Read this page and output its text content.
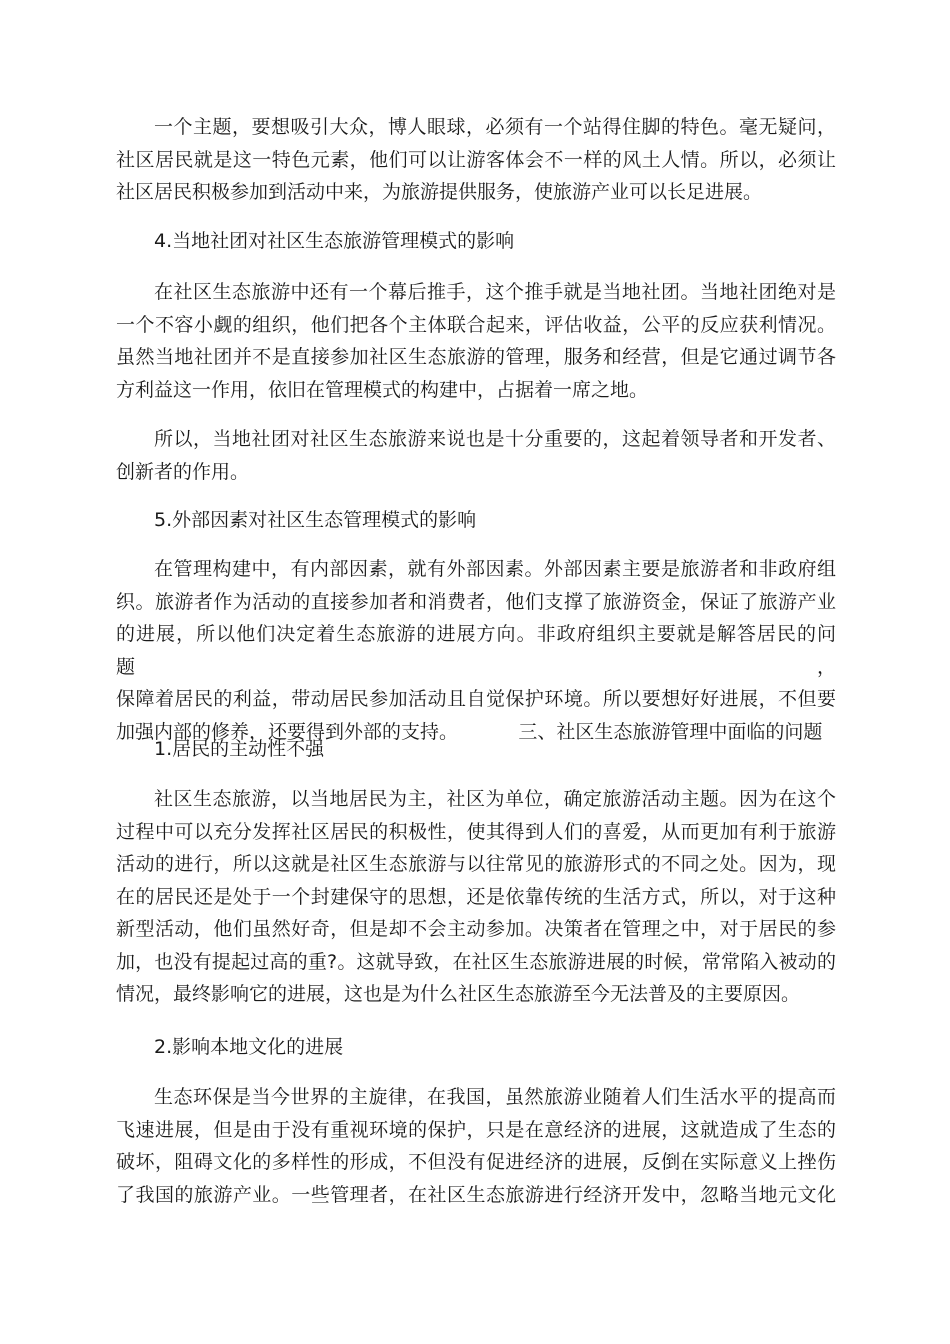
一个主题，要想吸引大众，博人眼球，必须有一个站得住脚的特色。毫无疑问，
社区居民就是这一特色元素，他们可以让游客体会不一样的风土人情。所以，必须让
社区居民积极参加到活动中来，为旅游提供服务，使旅游产业可以长足进展。
4.当地社团对社区生态旅游管理模式的影响
在社区生态旅游中还有一个幕后推手，这个推手就是当地社团。当地社团绝对是
一个不容小觑的组织，他们把各个主体联合起来，评估收益，公平的反应获利情况。
虽然当地社团并不是直接参加社区生态旅游的管理，服务和经营，但是它通过调节各
方利益这一作用，依旧在管理模式的构建中，占据着一席之地。
所以，当地社团对社区生态旅游来说也是十分重要的，这起着领导者和开发者、
创新者的作用。
5.外部因素对社区生态管理模式的影响
在管理构建中，有内部因素，就有外部因素。外部因素主要是旅游者和非政府组
织。旅游者作为活动的直接参加者和消费者，他们支撑了旅游资金，保证了旅游产业
的进展，所以他们决定着生态旅游的进展方向。非政府组织主要就是解答居民的问题，
保障着居民的利益，带动居民参加活动且自觉保护环境。所以要想好好进展，不但要
加强内部的修养，还要得到外部的支持。          三、社区生态旅游管理中面临的问题
1.居民的主动性不强
社区生态旅游，以当地居民为主，社区为单位，确定旅游活动主题。因为在这个
过程中可以充分发挥社区居民的积极性，使其得到人们的喜爱，从而更加有利于旅游
活动的进行，所以这就是社区生态旅游与以往常见的旅游形式的不同之处。因为，现
在的居民还是处于一个封建保守的思想，还是依靠传统的生活方式，所以，对于这种
新型活动，他们虽然好奇，但是却不会主动参加。决策者在管理之中，对于居民的参
加，也没有提起过高的重?。这就导致，在社区生态旅游进展的时候，常常陷入被动的
情况，最终影响它的进展，这也是为什么社区生态旅游至今无法普及的主要原因。
2.影响本地文化的进展
生态环保是当今世界的主旋律，在我国，虽然旅游业随着人们生活水平的提高而
飞速进展，但是由于没有重视环境的保护，只是在意经济的进展，这就造成了生态的
破坏，阻碍文化的多样性的形成，不但没有促进经济的进展，反倒在实际意义上挫伤
了我国的旅游产业。一些管理者，在社区生态旅游进行经济开发中，忽略当地元文化
